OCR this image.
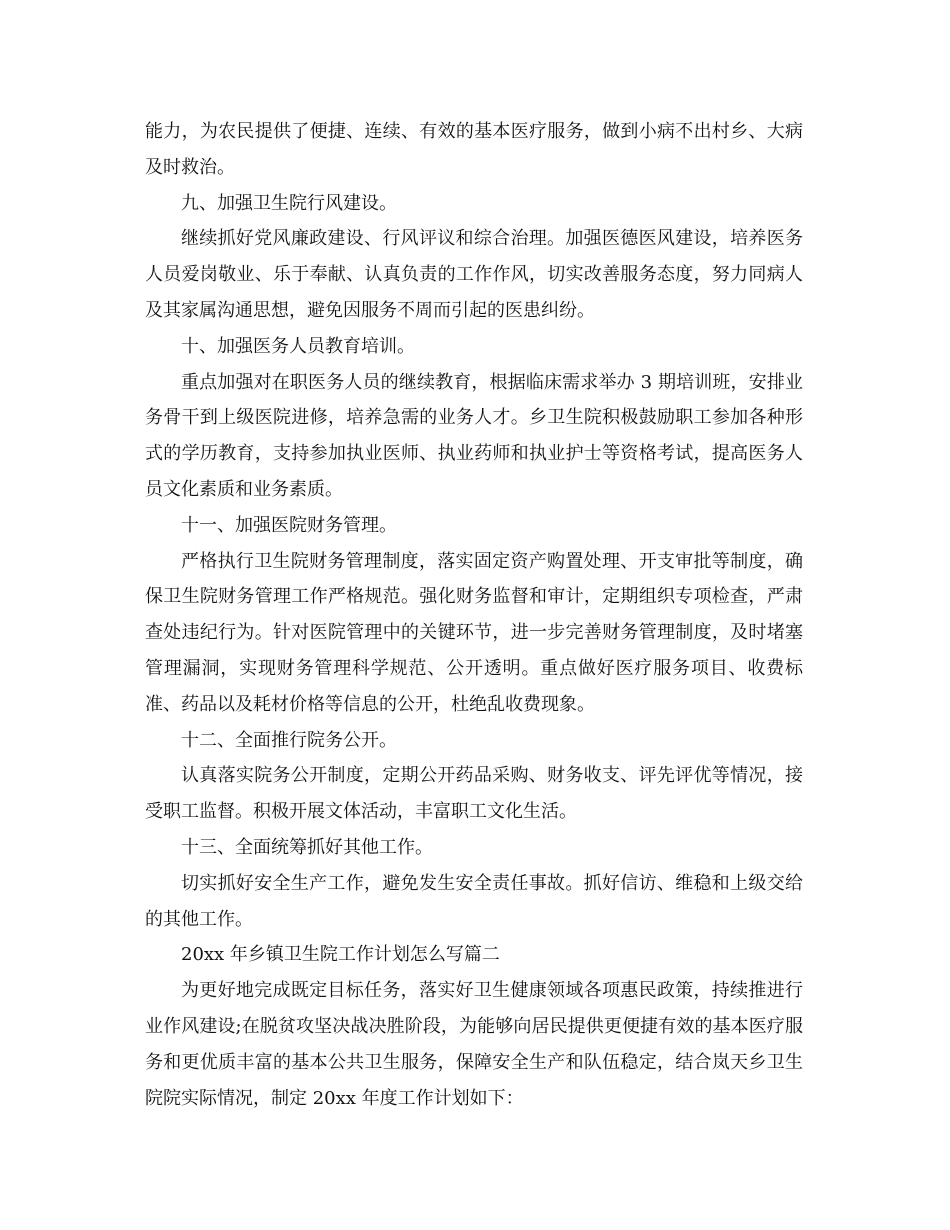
能力，为农民提供了便捷、连续、有效的基本医疗服务，做到小病不出村乡、大病及时救治。

九、加强卫生院行风建设。

继续抓好党风廉政建设、行风评议和综合治理。加强医德医风建设，培养医务人员爱岗敬业、乐于奉献、认真负责的工作作风，切实改善服务态度，努力同病人及其家属沟通思想，避免因服务不周而引起的医患纠纷。

十、加强医务人员教育培训。

重点加强对在职医务人员的继续教育，根据临床需求举办 3 期培训班，安排业务骨干到上级医院进修，培养急需的业务人才。乡卫生院积极鼓励职工参加各种形式的学历教育，支持参加执业医师、执业药师和执业护士等资格考试，提高医务人员文化素质和业务素质。

十一、加强医院财务管理。

严格执行卫生院财务管理制度，落实固定资产购置处理、开支审批等制度，确保卫生院财务管理工作严格规范。强化财务监督和审计，定期组织专项检查，严肃查处违纪行为。针对医院管理中的关键环节，进一步完善财务管理制度，及时堵塞管理漏洞，实现财务管理科学规范、公开透明。重点做好医疗服务项目、收费标准、药品以及耗材价格等信息的公开，杜绝乱收费现象。

十二、全面推行院务公开。

认真落实院务公开制度，定期公开药品采购、财务收支、评先评优等情况，接受职工监督。积极开展文体活动，丰富职工文化生活。

十三、全面统筹抓好其他工作。

切实抓好安全生产工作，避免发生安全责任事故。抓好信访、维稳和上级交给的其他工作。

20xx 年乡镇卫生院工作计划怎么写篇二

为更好地完成既定目标任务，落实好卫生健康领域各项惠民政策，持续推进行业作风建设;在脱贫攻坚决战决胜阶段，为能够向居民提供更便捷有效的基本医疗服务和更优质丰富的基本公共卫生服务，保障安全生产和队伍稳定，结合岚天乡卫生院院实际情况，制定 20xx 年度工作计划如下：
